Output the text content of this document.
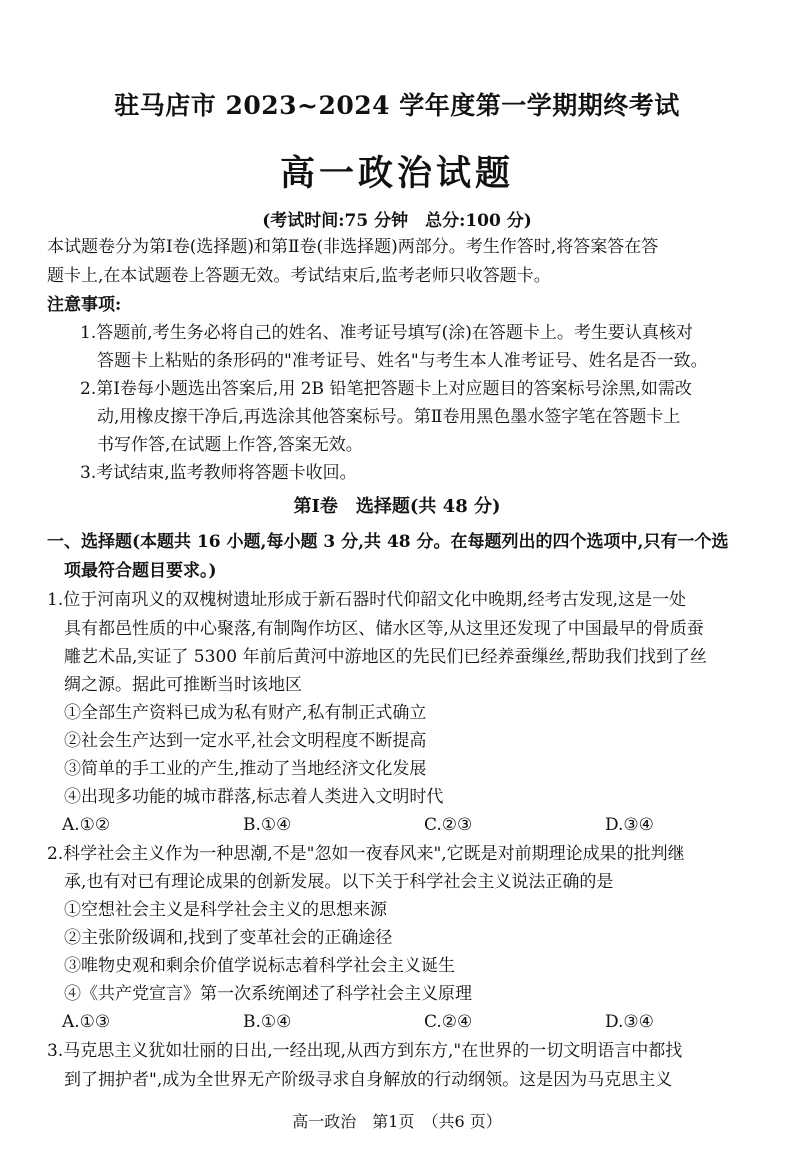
驻马店市 2023~2024 学年度第一学期期终考试
高一政治试题
(考试时间:75 分钟　总分:100 分)
本试题卷分为第Ⅰ卷(选择题)和第Ⅱ卷(非选择题)两部分。考生作答时,将答案答在答
题卡上,在本试题卷上答题无效。考试结束后,监考老师只收答题卡。
注意事项:
1.答题前,考生务必将自己的姓名、准考证号填写(涂)在答题卡上。考生要认真核对
答题卡上粘贴的条形码的"准考证号、姓名"与考生本人准考证号、姓名是否一致。
2.第Ⅰ卷每小题选出答案后,用 2B 铅笔把答题卡上对应题目的答案标号涂黑,如需改
动,用橡皮擦干净后,再选涂其他答案标号。第Ⅱ卷用黑色墨水签字笔在答题卡上
书写作答,在试题上作答,答案无效。
3.考试结束,监考教师将答题卡收回。
第Ⅰ卷　选择题(共 48 分)
一、选择题(本题共 16 小题,每小题 3 分,共 48 分。在每题列出的四个选项中,只有一个选
项最符合题目要求。)
1.位于河南巩义的双槐树遗址形成于新石器时代仰韶文化中晚期,经考古发现,这是一处
具有都邑性质的中心聚落,有制陶作坊区、储水区等,从这里还发现了中国最早的骨质蚕
雕艺术品,实证了 5300 年前后黄河中游地区的先民们已经养蚕缫丝,帮助我们找到了丝
绸之源。据此可推断当时该地区
①全部生产资料已成为私有财产,私有制正式确立
②社会生产达到一定水平,社会文明程度不断提高
③简单的手工业的产生,推动了当地经济文化发展
④出现多功能的城市群落,标志着人类进入文明时代
A.①②	B.①④	C.②③	D.③④
2.科学社会主义作为一种思潮,不是"忽如一夜春风来",它既是对前期理论成果的批判继
承,也有对已有理论成果的创新发展。以下关于科学社会主义说法正确的是
①空想社会主义是科学社会主义的思想来源
②主张阶级调和,找到了变革社会的正确途径
③唯物史观和剩余价值学说标志着科学社会主义诞生
④《共产党宣言》第一次系统阐述了科学社会主义原理
A.①③	B.①④	C.②④	D.③④
3.马克思主义犹如壮丽的日出,一经出现,从西方到东方,"在世界的一切文明语言中都找
到了拥护者",成为全世界无产阶级寻求自身解放的行动纲领。这是因为马克思主义
高一政治　第1页　（共6 页）
